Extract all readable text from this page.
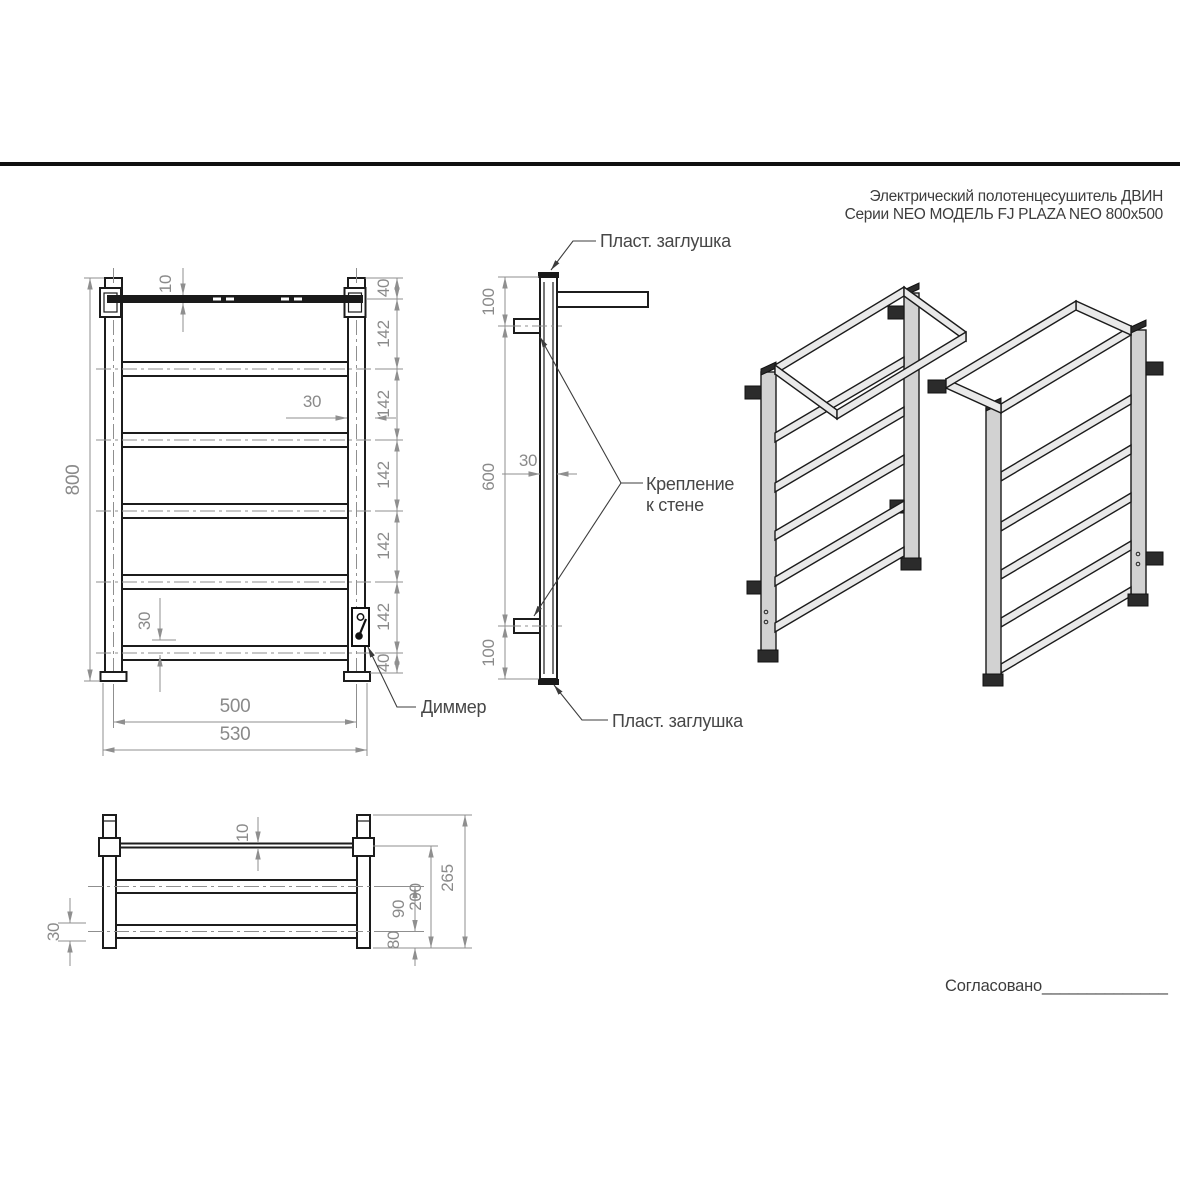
Электрический полотенцесушитель ДВИН
Серии NEO МОДЕЛЬ FJ PLAZA NEO 800x500
800
10
30
40
142
142
142
142
142
40
30
500
530
Диммер
100
600
100
30
Пласт. заглушка
Крепление
к стене
Пласт. заглушка
10
30
90
80
200
265
Согласовано______________
